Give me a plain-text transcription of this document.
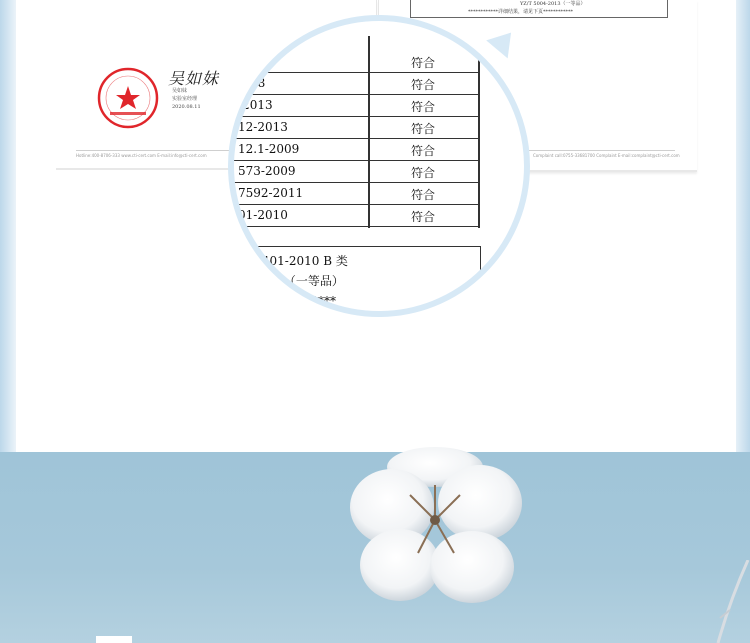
吴如妹
吴如妹
实验室经理
2020.08.11
Hotline:400-8706-333 www.cti-cert.com E-mail:info@cti-cert.com
YZ/T 5004-2013（一等品）
************详细结果，请见下页************
Complaint call:0755-33681700 Complaint E-mail:complaint@cti-cert.com
符合
…08	符合
-2013	符合
12-2013	符合
12.1-2009	符合
573-2009	符合
7592-2011	符合
01-2010	符合
B 18401-2010 B 类
17-2013（一等品）
*******
